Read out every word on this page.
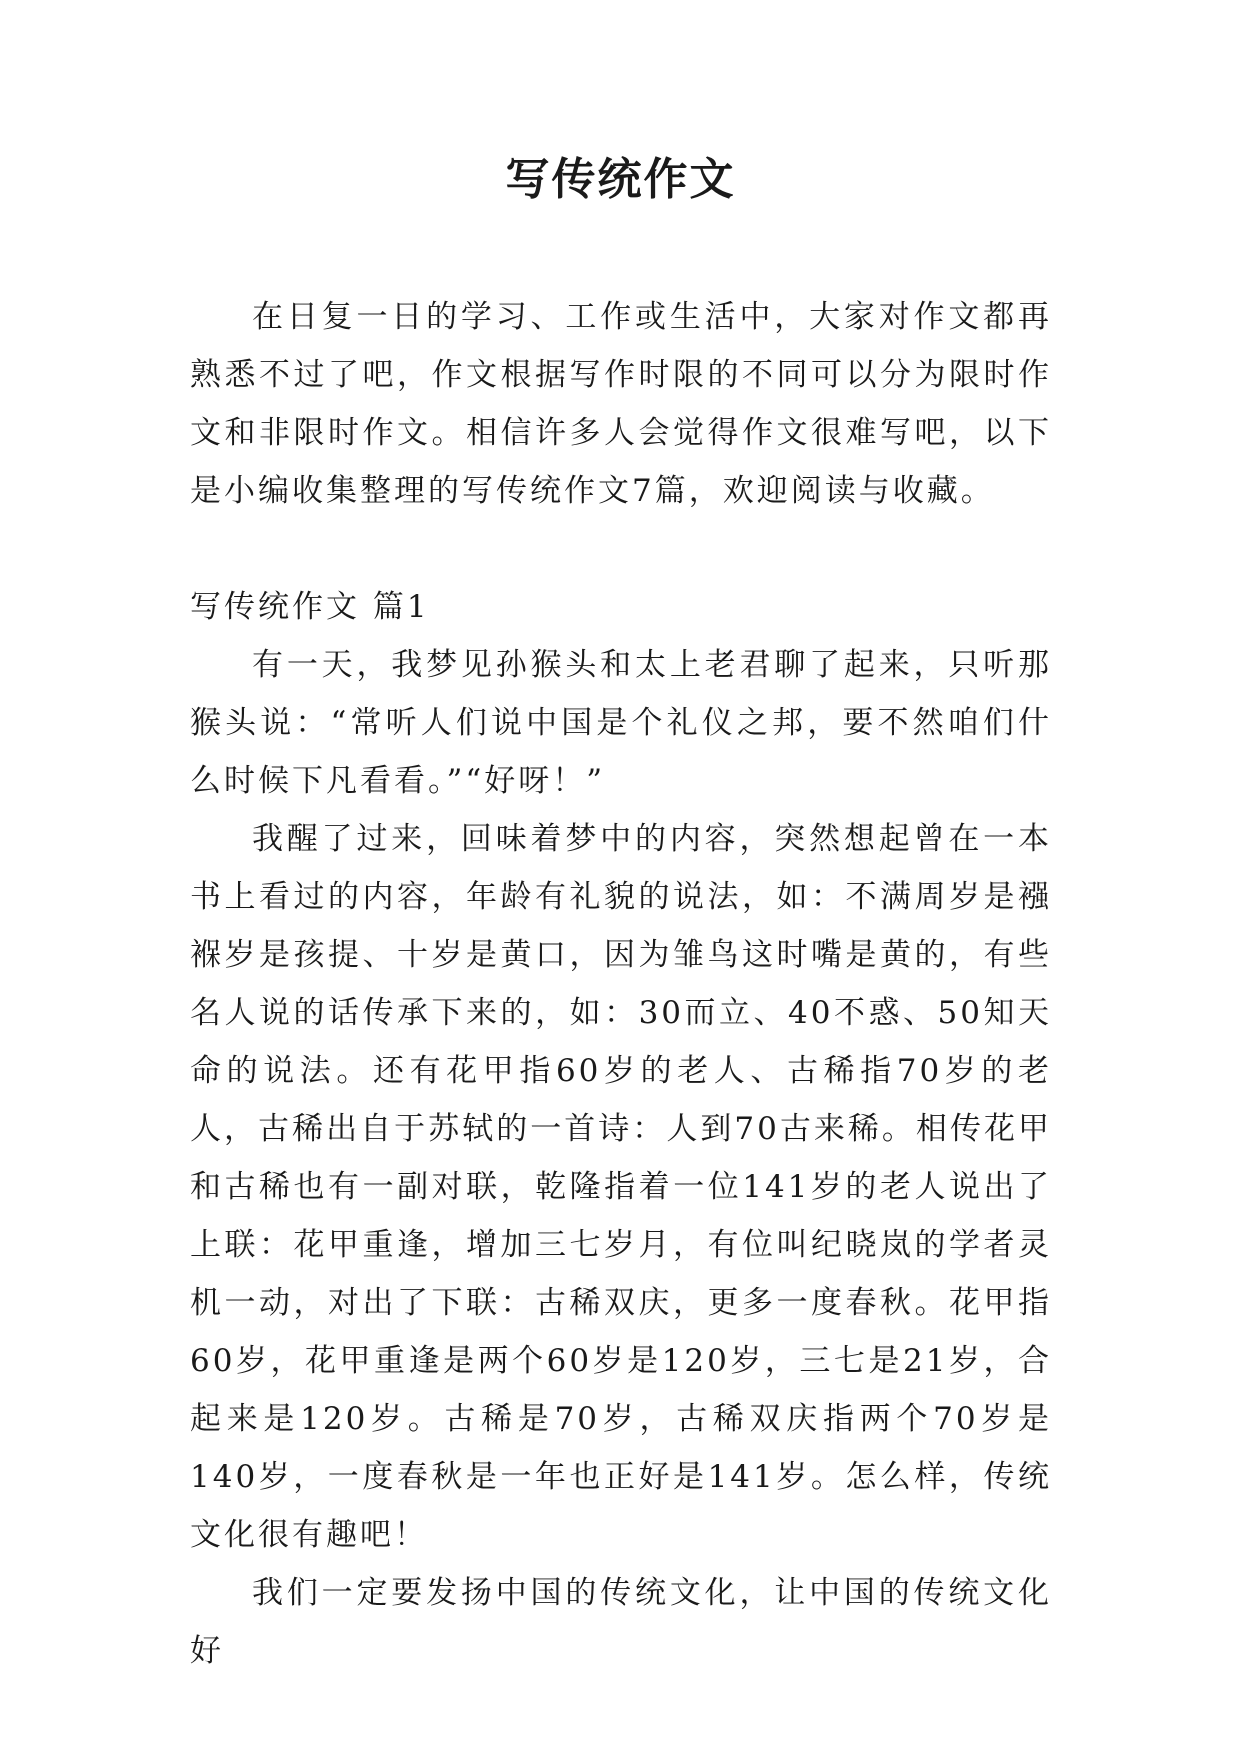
写传统作文

在日复一日的学习、工作或生活中，大家对作文都再熟悉不过了吧，作文根据写作时限的不同可以分为限时作文和非限时作文。相信许多人会觉得作文很难写吧，以下是小编收集整理的写传统作文7篇，欢迎阅读与收藏。

写传统作文 篇1

有一天，我梦见孙猴头和太上老君聊了起来，只听那猴头说：“常听人们说中国是个礼仪之邦，要不然咱们什么时候下凡看看。”“好呀！”

我醒了过来，回味着梦中的内容，突然想起曾在一本书上看过的内容，年龄有礼貌的说法，如：不满周岁是襁褓岁是孩提、十岁是黄口，因为雏鸟这时嘴是黄的，有些名人说的话传承下来的，如：30而立、40不惑、50知天命的说法。还有花甲指60岁的老人、古稀指70岁的老人，古稀出自于苏轼的一首诗：人到70古来稀。相传花甲和古稀也有一副对联，乾隆指着一位141岁的老人说出了上联：花甲重逢，增加三七岁月，有位叫纪晓岚的学者灵机一动，对出了下联：古稀双庆，更多一度春秋。花甲指60岁，花甲重逢是两个60岁是120岁，三七是21岁，合起来是120岁。古稀是70岁，古稀双庆指两个70岁是140岁，一度春秋是一年也正好是141岁。怎么样，传统文化很有趣吧！

我们一定要发扬中国的传统文化，让中国的传统文化好
